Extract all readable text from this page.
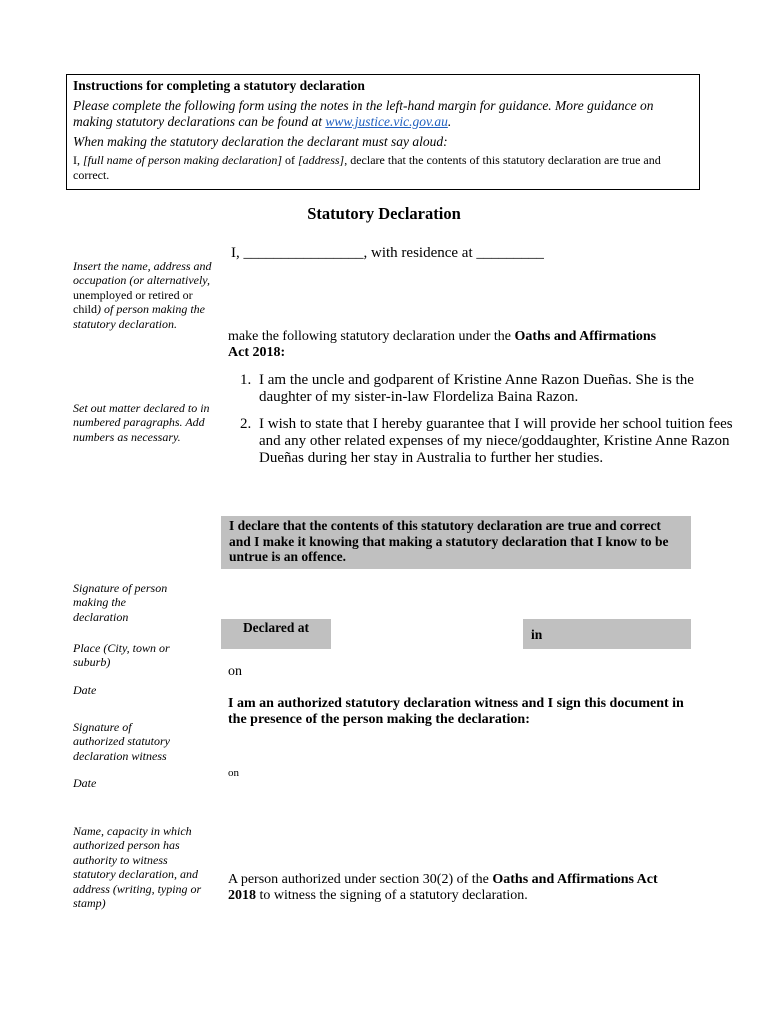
Instructions for completing a statutory declaration

Please complete the following form using the notes in the left-hand margin for guidance. More guidance on making statutory declarations can be found at www.justice.vic.gov.au.

When making the statutory declaration the declarant must say aloud:

I, [full name of person making declaration] of [address], declare that the contents of this statutory declaration are true and correct.

Statutory Declaration
Insert the name, address and occupation (or alternatively, unemployed or retired or child) of person making the statutory declaration.
Set out matter declared to in numbered paragraphs. Add numbers as necessary.
Signature of person making the declaration
Place (City, town or suburb)
Date
Signature of authorized statutory declaration witness
Date
Name, capacity in which authorized person has authority to witness statutory declaration, and address (writing, typing or stamp)
I, ________________, with residence at _________
make the following statutory declaration under the Oaths and Affirmations Act 2018:
1. I am the uncle and godparent of Kristine Anne Razon Dueñas. She is the daughter of my sister-in-law Flordeliza Baina Razon.
2. I wish to state that I hereby guarantee that I will provide her school tuition fees and any other related expenses of my niece/goddaughter, Kristine Anne Razon Dueñas during her stay in Australia to further her studies.
I declare that the contents of this statutory declaration are true and correct and I make it knowing that making a statutory declaration that I know to be untrue is an offence.
Declared at	in
on
I am an authorized statutory declaration witness and I sign this document in the presence of the person making the declaration:
on
A person authorized under section 30(2) of the Oaths and Affirmations Act 2018 to witness the signing of a statutory declaration.
